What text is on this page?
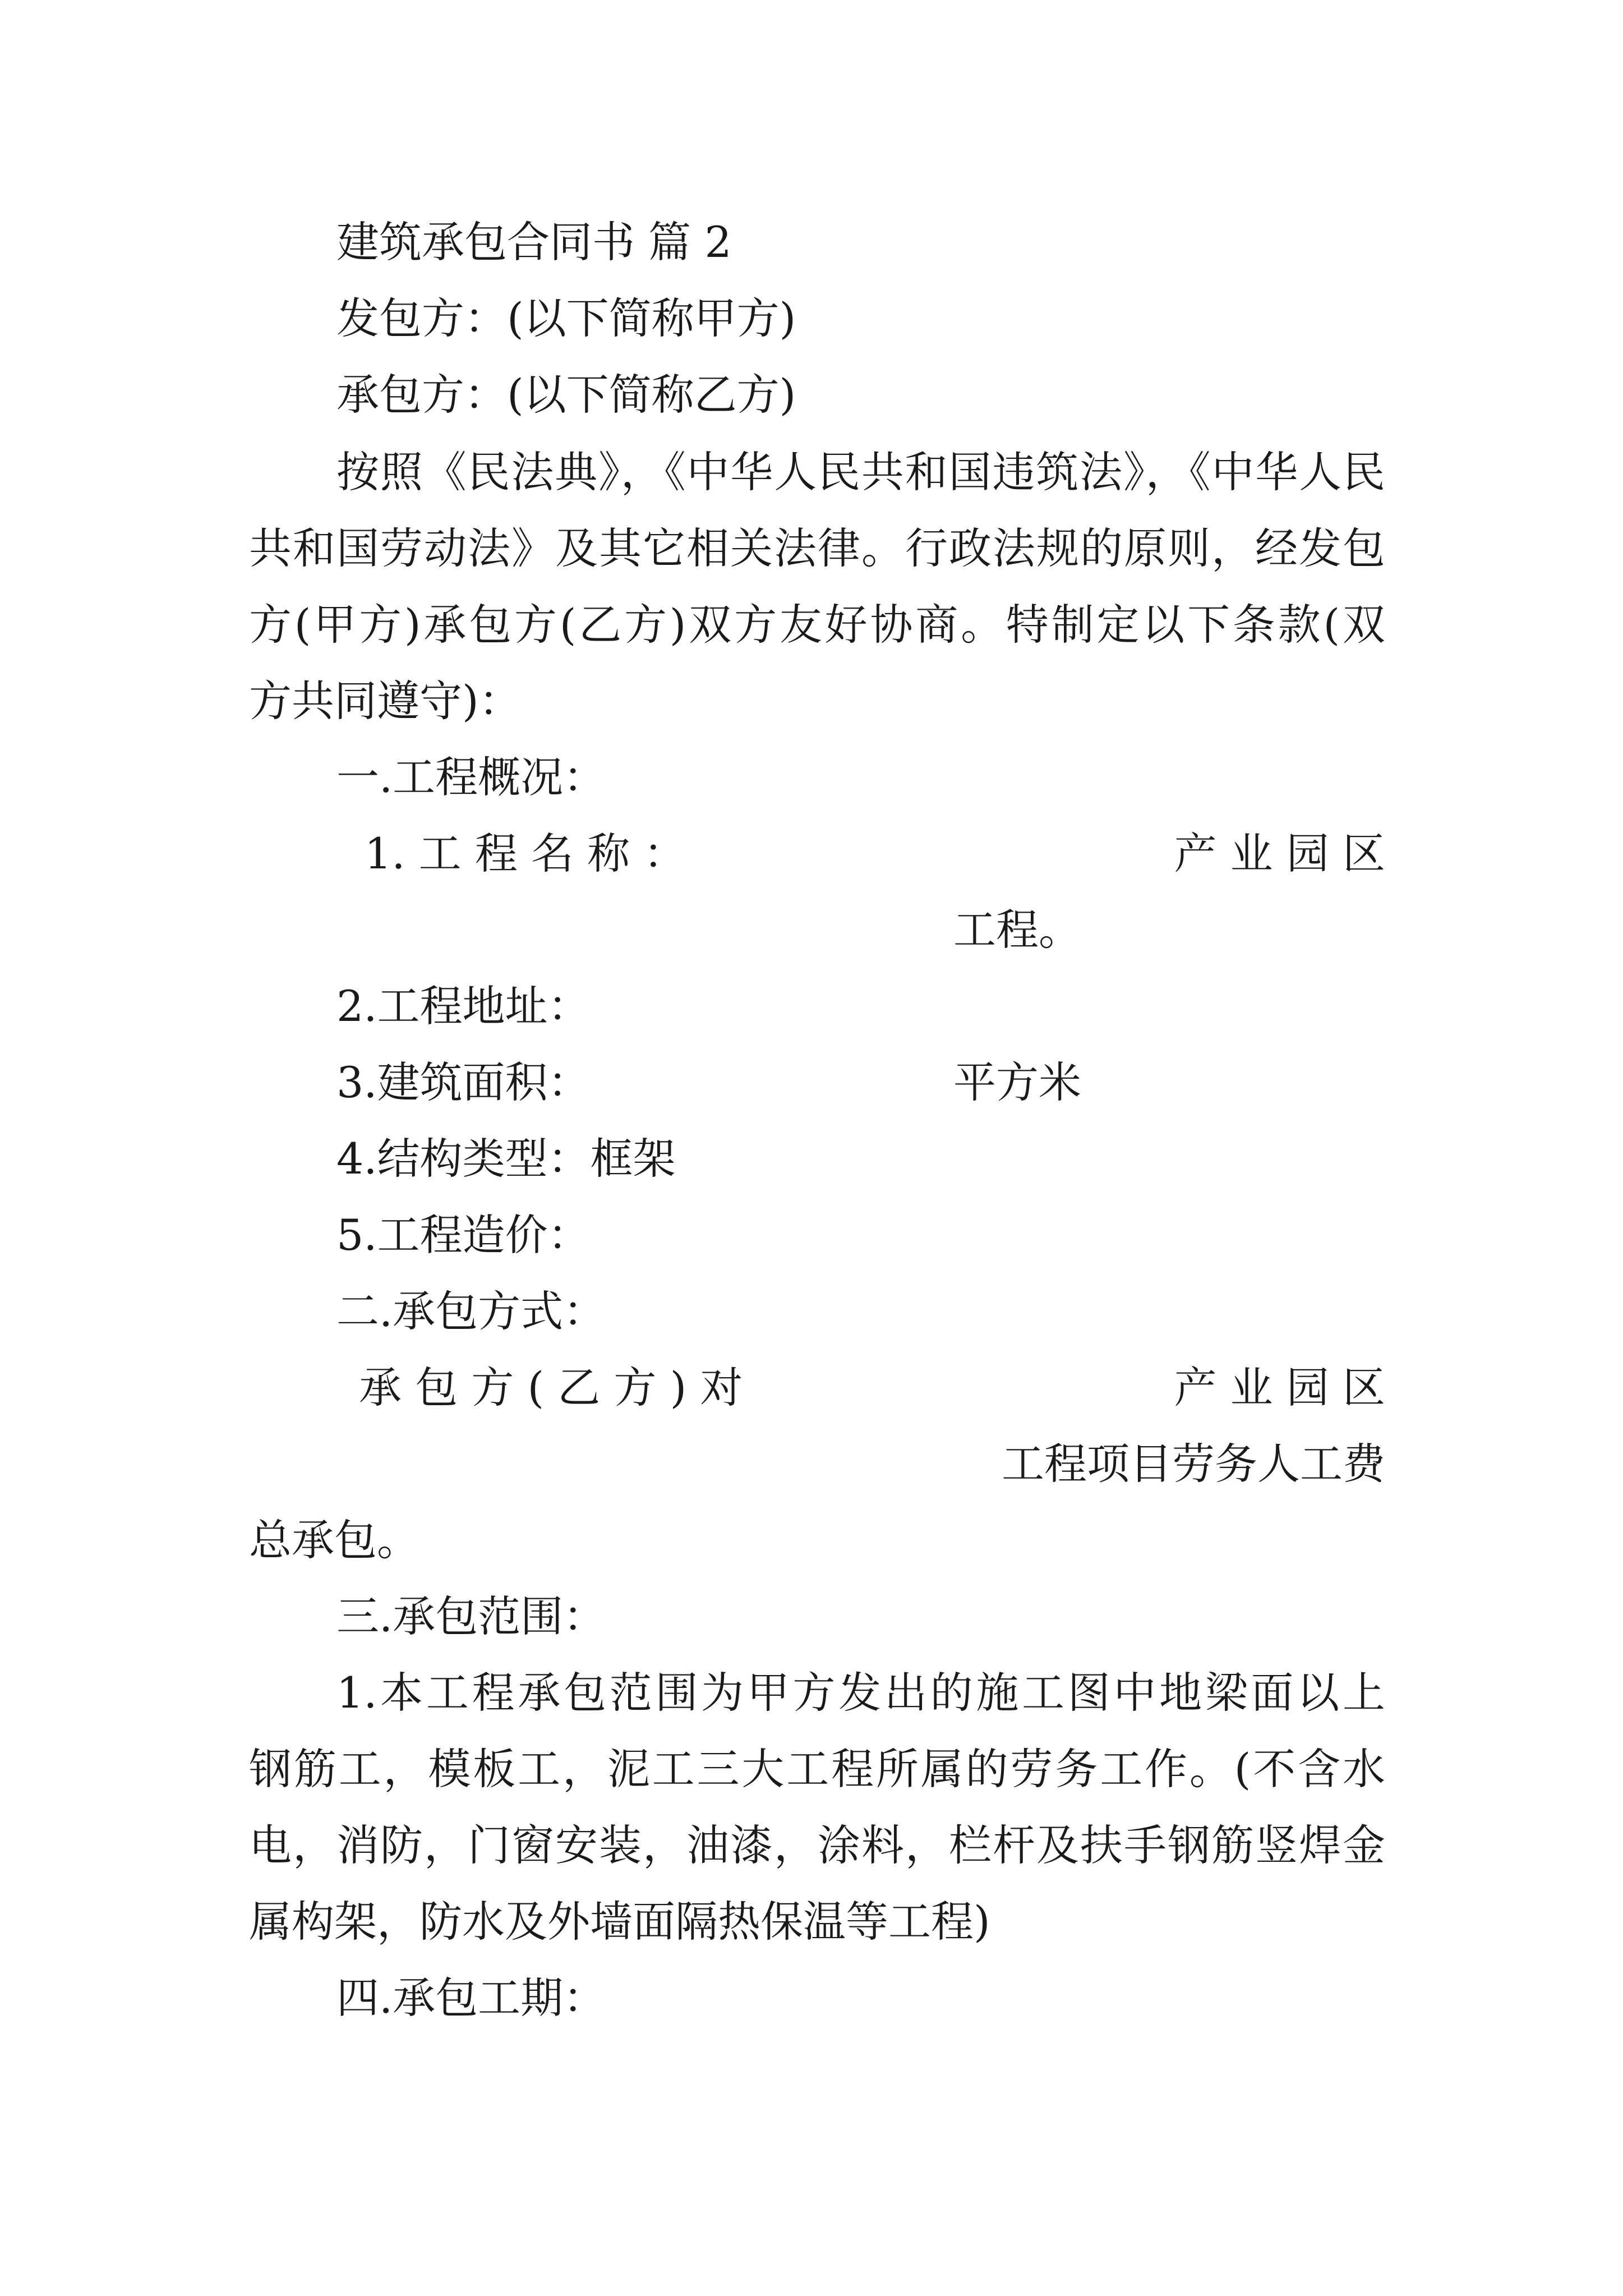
建筑承包合同书 篇 2
发包方：(以下简称甲方)
承包方：(以下简称乙方)
按照《民法典》，《中华人民共和国违筑法》，《中华人民
共和国劳动法》及其它相关法律。行政法规的原则，经发包
方(甲方)承包方(乙方)双方友好协商。特制定以下条款(双
方共同遵守)：
一.工程概况：
1. 工 程 名 称 ：	产 业 园 区
工程。
2.工程地址：
3.建筑面积：	平方米
4.结构类型：框架
5.工程造价：
二.承包方式：
承 包 方 ( 乙 方 ) 对	产 业 园 区
工程项目劳务人工费
总承包。
三.承包范围：
1.本工程承包范围为甲方发出的施工图中地梁面以上
钢筋工，模板工，泥工三大工程所属的劳务工作。(不含水
电，消防，门窗安装，油漆，涂料，栏杆及扶手钢筋竖焊金
属构架，防水及外墙面隔热保温等工程)
四.承包工期：
